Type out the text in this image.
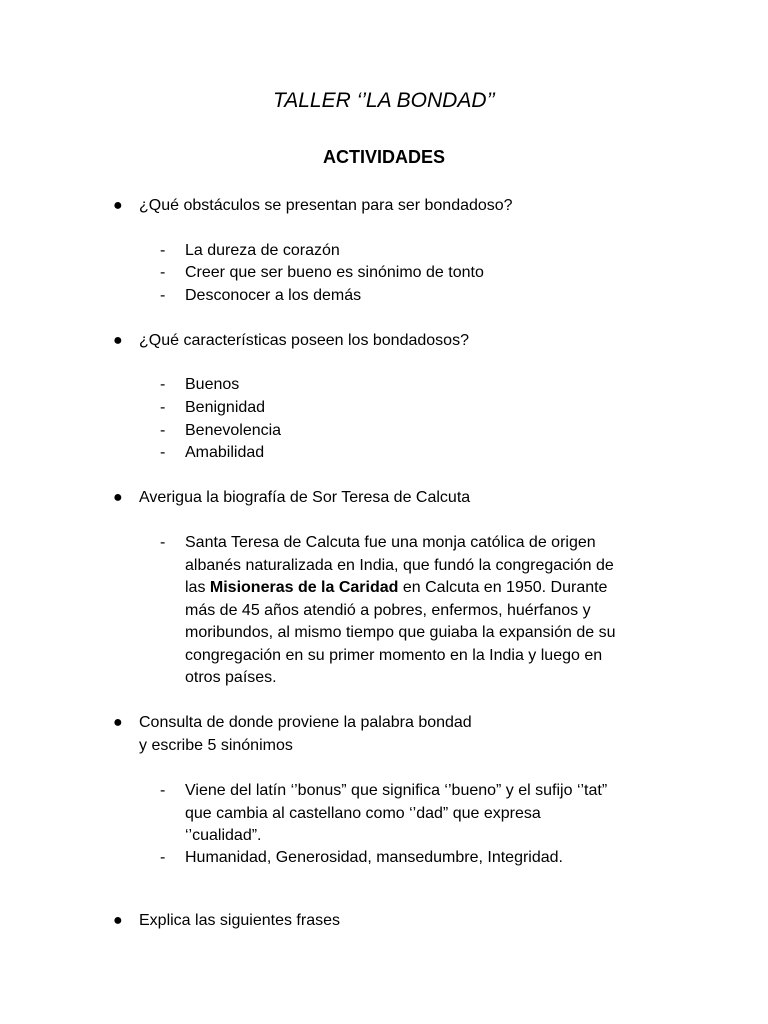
TALLER ‘’LA BONDAD’’
ACTIVIDADES
● ¿Qué obstáculos se presentan para ser bondadoso?
- La dureza de corazón
- Creer que ser bueno es sinónimo de tonto
- Desconocer a los demás
● ¿Qué características poseen los bondadosos?
- Buenos
- Benignidad
- Benevolencia
- Amabilidad
● Averigua la biografía de Sor Teresa de Calcuta
- Santa Teresa de Calcuta fue una monja católica de origen
albanés naturalizada en India, que fundó la congregación de
las Misioneras de la Caridad en Calcuta en 1950. Durante
más de 45 años atendió a pobres, enfermos, huérfanos y
moribundos, al mismo tiempo que guiaba la expansión de su
congregación en su primer momento en la India y luego en
otros países.
● Consulta de donde proviene la palabra bondad
y escribe 5 sinónimos
- Viene del latín ‘’bonus” que significa ‘’bueno” y el sufijo ‘’tat”
que cambia al castellano como ‘’dad” que expresa
‘’cualidad”.
- Humanidad, Generosidad, mansedumbre, Integridad.
● Explica las siguientes frases
